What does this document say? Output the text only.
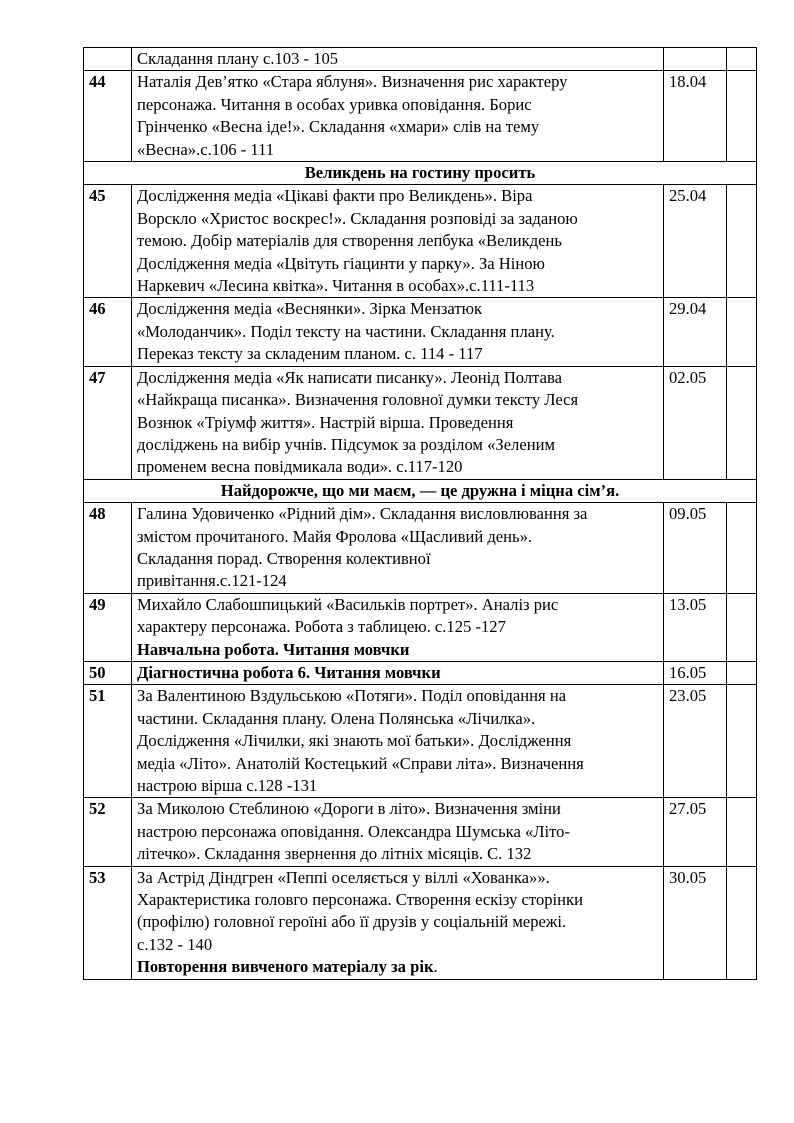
	Складання плану с.103 - 105			

44	Наталія Дев’ятко «Стара яблуня». Визначення рис характеру
персонажа. Читання в особах уривка оповідання. Борис
Грінченко «Весна іде!». Складання «хмари» слів на тему
«Весна».с.106 - 111	18.04		
Великдень на гостину просить				
45	Дослідження медіа «Цікаві факти про Великдень». Віра
Ворскло «Христос воскрес!». Складання розповіді за заданою
темою. Добір матеріалів для створення лепбука «Великдень
Дослідження медіа «Цвітуть гіацинти у парку». За Ніною
Наркевич «Лесина квітка». Читання в особах».с.111-113	25.04		
46	Дослідження медіа «Веснянки». Зірка Мензатюк
«Молоданчик». Поділ тексту на частини. Складання плану.
Переказ тексту за складеним планом. с. 114 - 117	29.04		
47	Дослідження медіа «Як написати писанку». Леонід Полтава
«Найкраща писанка». Визначення головної думки тексту Леся
Вознюк «Тріумф життя». Настрій вірша. Проведення
досліджень на вибір учнів. Підсумок за розділом «Зеленим
променем весна повідмикала води». с.117-120	02.05		
Найдорожче, що ми маєм, — це дружна і міцна сім’я.				
48	Галина Удовиченко «Рідний дім». Складання висловлювання за
змістом прочитаного. Майя Фролова «Щасливий день».
Складання порад. Створення колективної
привітання.с.121-124	09.05		
49	Михайло Слабошпицький «Васильків портрет». Аналіз рис
характеру персонажа. Робота з таблицею. с.125 -127
Навчальна робота. Читання мовчки	13.05		
50	Діагностична робота 6. Читання мовчки	16.05		
51	За Валентиною Вздульською «Потяги». Поділ оповідання на
частини. Складання плану. Олена Полянська «Лічилка».
Дослідження «Лічилки, які знають мої батьки». Дослідження
медіа «Літо». Анатолій Костецький «Справи літа». Визначення
настрою вірша с.128 -131	23.05		
52	За Миколою Стеблиною «Дороги в літо». Визначення зміни
настрою персонажа оповідання. Олександра Шумська «Літо-
літечко». Складання звернення до літніх місяців. С. 132	27.05		
53	За Астрід Діндгрен «Пеппі оселяється у віллі «Хованка»».
Характеристика головго персонажа. Створення ескізу сторінки
(профілю) головної героїні або її друзів у соціальній мережі.
с.132 - 140
Повторення вивченого матеріалу за рік.	30.05		
